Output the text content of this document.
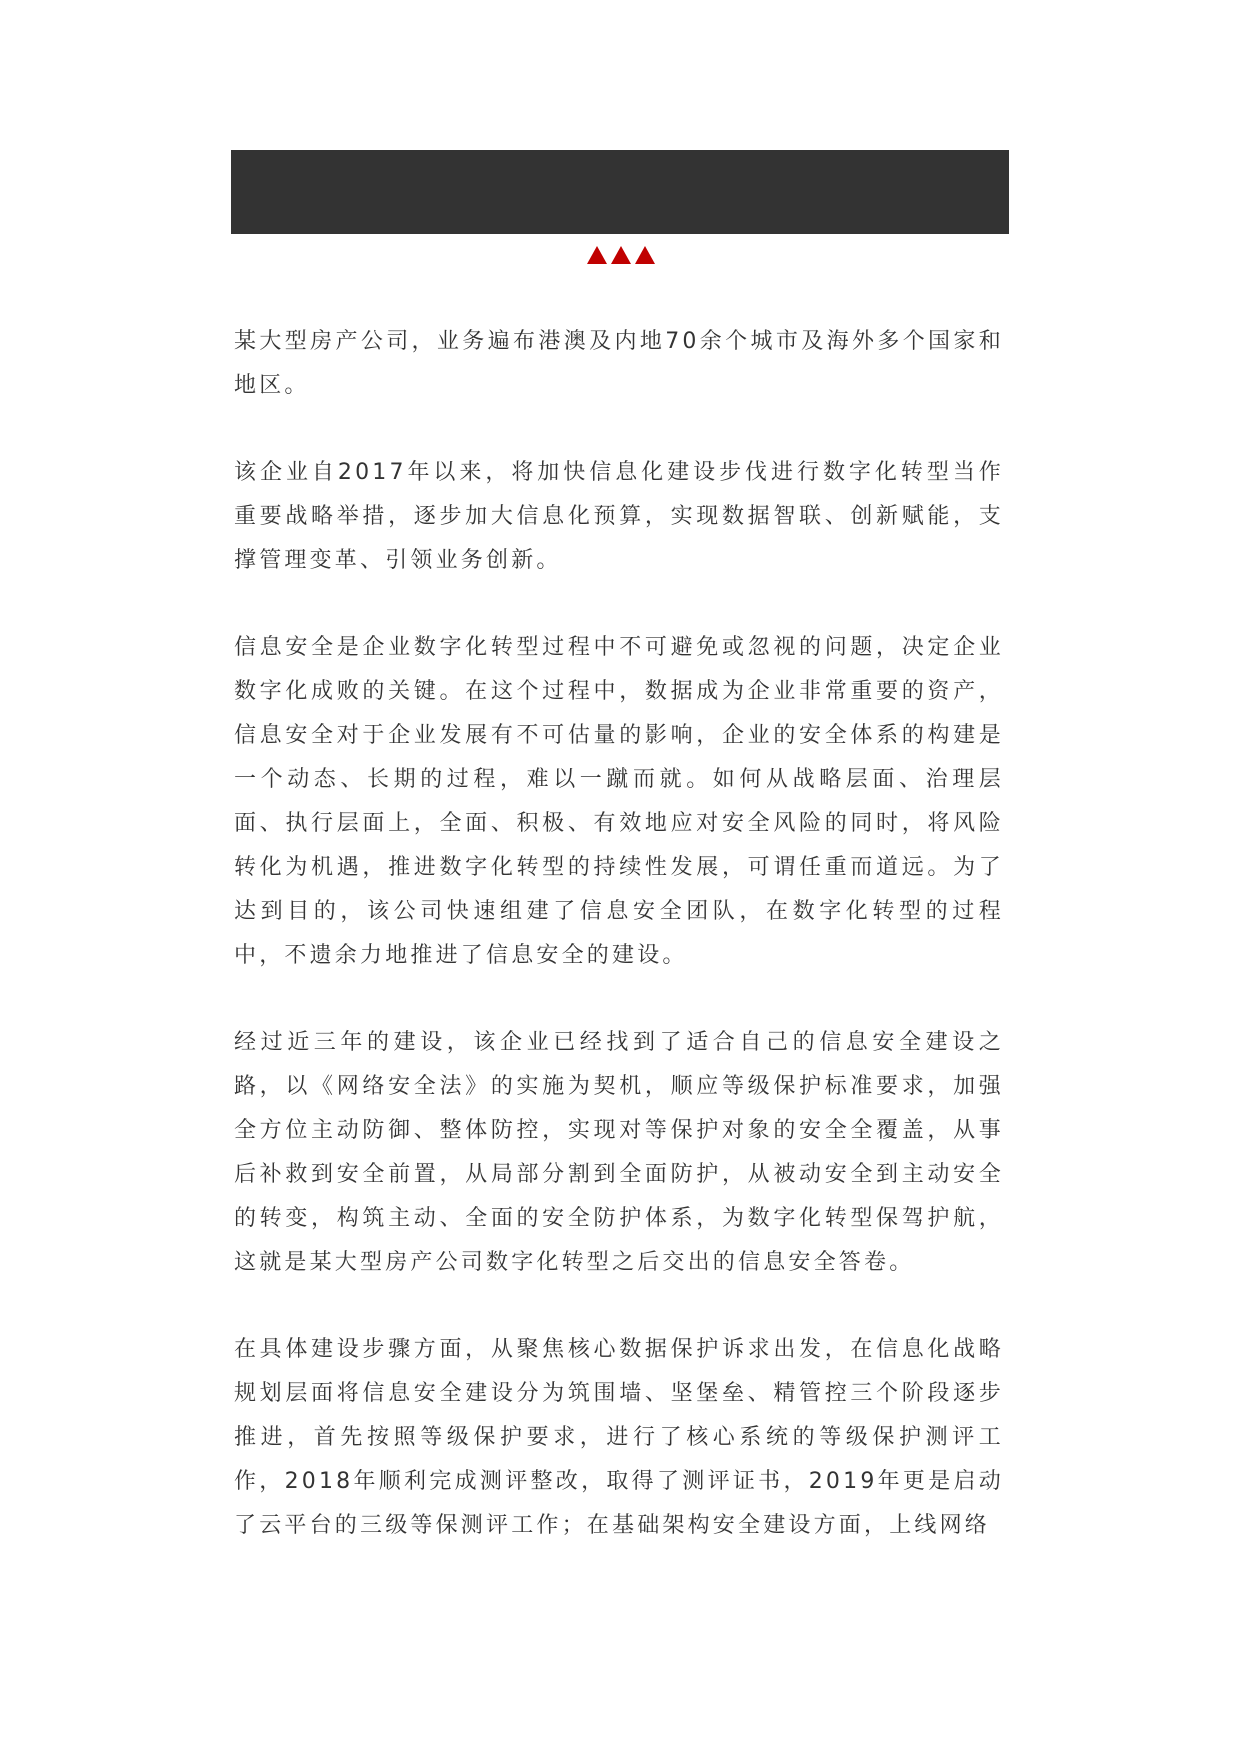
某大型房产公司，业务遍布港澳及内地70余个城市及海外多个国家和地区。

该企业自2017年以来，将加快信息化建设步伐进行数字化转型当作重要战略举措，逐步加大信息化预算，实现数据智联、创新赋能，支撑管理变革、引领业务创新。

信息安全是企业数字化转型过程中不可避免或忽视的问题，决定企业数字化成败的关键。在这个过程中，数据成为企业非常重要的资产，信息安全对于企业发展有不可估量的影响，企业的安全体系的构建是一个动态、长期的过程，难以一蹴而就。如何从战略层面、治理层面、执行层面上，全面、积极、有效地应对安全风险的同时，将风险转化为机遇，推进数字化转型的持续性发展，可谓任重而道远。为了达到目的，该公司快速组建了信息安全团队，在数字化转型的过程中，不遗余力地推进了信息安全的建设。

经过近三年的建设，该企业已经找到了适合自己的信息安全建设之路，以《网络安全法》的实施为契机，顺应等级保护标准要求，加强全方位主动防御、整体防控，实现对等保护对象的安全全覆盖，从事后补救到安全前置，从局部分割到全面防护，从被动安全到主动安全的转变，构筑主动、全面的安全防护体系，为数字化转型保驾护航，这就是某大型房产公司数字化转型之后交出的信息安全答卷。

在具体建设步骤方面，从聚焦核心数据保护诉求出发，在信息化战略规划层面将信息安全建设分为筑围墙、坚堡垒、精管控三个阶段逐步推进，首先按照等级保护要求，进行了核心系统的等级保护测评工作，2018年顺利完成测评整改，取得了测评证书，2019年更是启动了云平台的三级等保测评工作；在基础架构安全建设方面，上线网络
